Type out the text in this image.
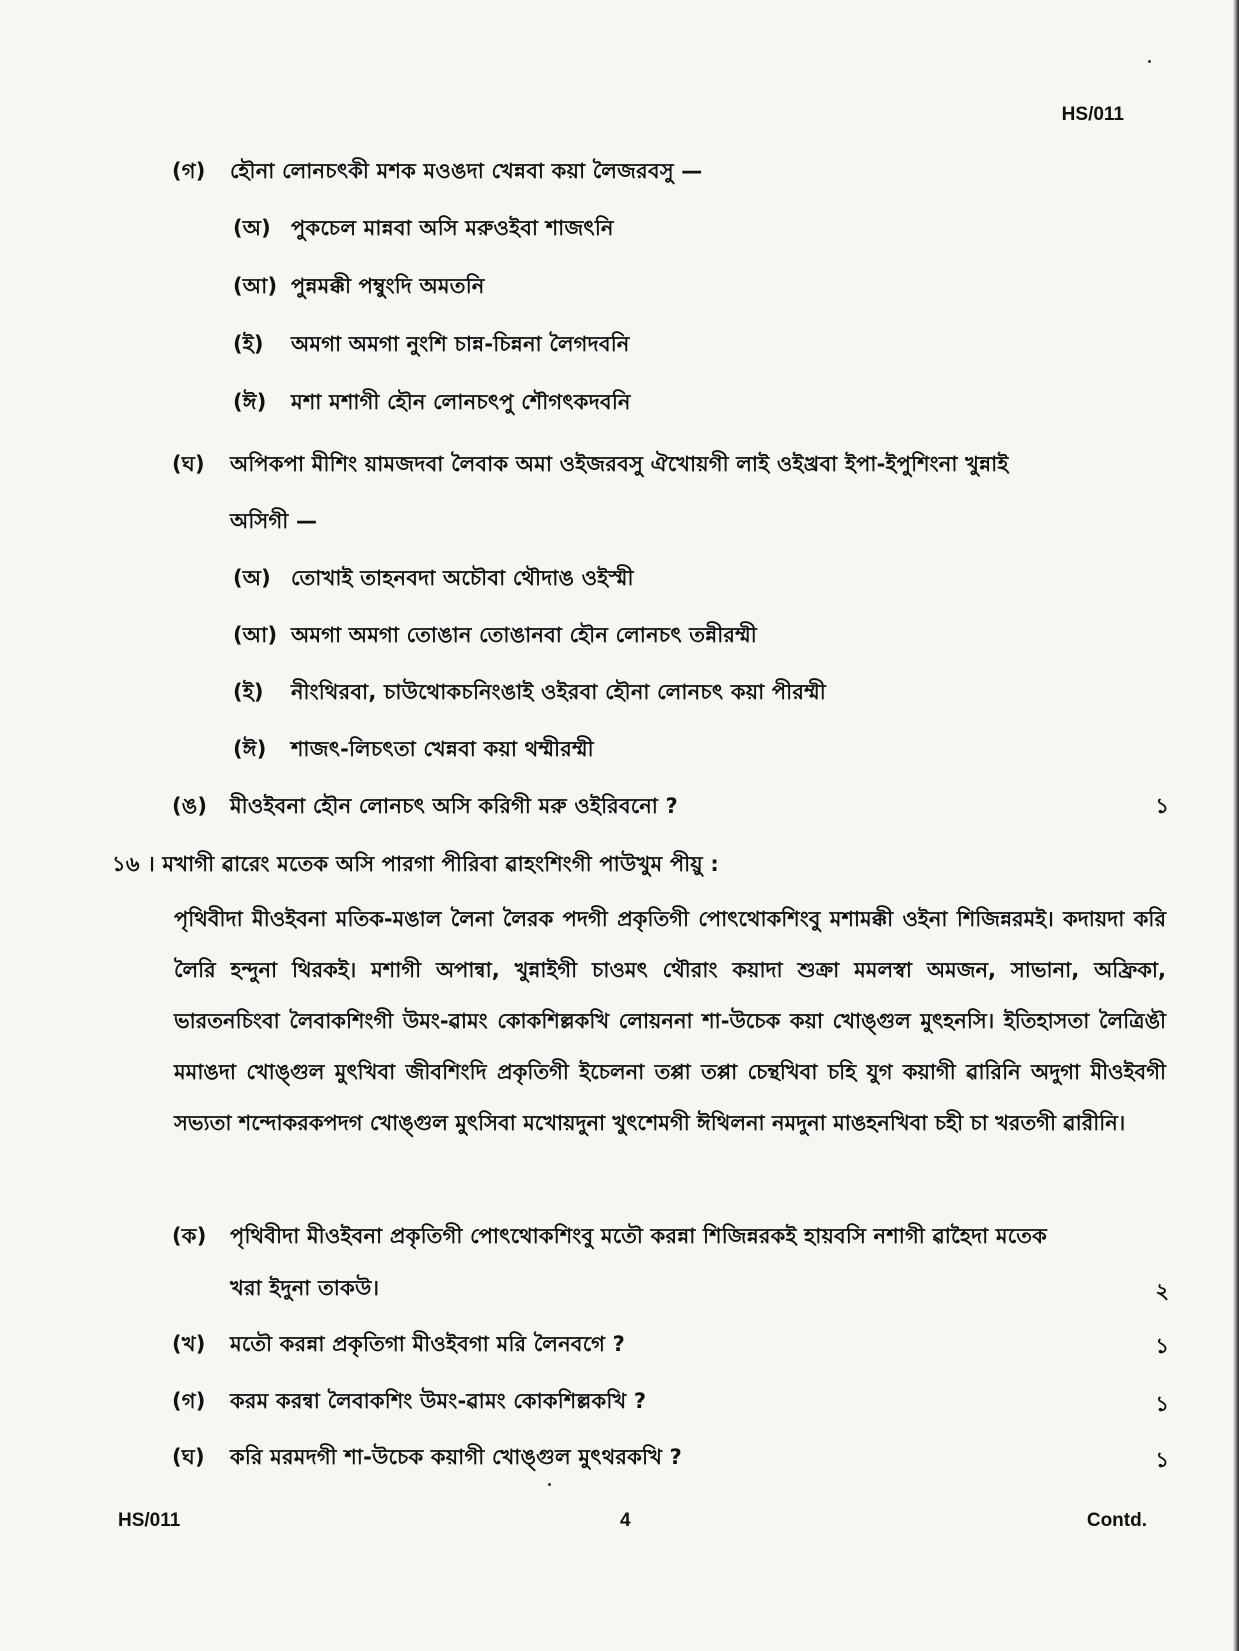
HS/011
(গ) হৌনা লোনচৎকী মশক মওঙদা খেন্নবা কয়া লৈজরবসু —
(অ) পুকচেল মান্নবা অসি মরুওইবা শাজৎনি
(আ) পুন্নমক্কী পম্বুংদি অমতনি
(ই) অমগা অমগা নুংশি চান্ন-চিন্ননা লৈগদবনি
(ঈ) মশা মশাগী হৌন লোনচৎপু শৌগৎকদবনি
(ঘ) অপিকপা মীশিং য়ামজদবা লৈবাক অমা ওইজরবসু ঐখোয়গী লাই ওইখ্রবা ইপা-ইপুশিংনা খুন্নাই
অসিগী —
(অ) তোখাই তাহনবদা অচৌবা থৌদাঙ ওইস্মী
(আ) অমগা অমগা তোঙান তোঙানবা হৌন লোনচৎ তন্নীরম্মী
(ই) নীংথিরবা, চাউথোকচনিংঙাই ওইরবা হৌনা লোনচৎ কয়া পীরম্মী
(ঈ) শাজৎ-লিচৎতা খেন্নবা কয়া থম্মীরম্মী
(ঙ) মীওইবনা হৌন লোনচৎ অসি করিগী মরু ওইরিবনো ?	১
১৬ । মখাগী ৱারেং মতেক অসি পারগা পীরিবা ৱাহংশিংগী পাউখুম পীয়ু :
পৃথিবীদা মীওইবনা মতিক-মঙাল লৈনা লৈরক পদগী প্রকৃতিগী পোৎথোকশিংবু মশামক্কী ওইনা শিজিন্নরমই। কদায়দা করি লৈরি হন্দুনা থিরকই। মশাগী অপান্বা, খুন্নাইগী চাওমৎ থৌরাং কয়াদা শুক্রা মমলস্বা অমজন, সাভানা, অফ্রিকা, ভারতনচিংবা লৈবাকশিংগী উমং-ৱামং কোকশিল্লকখি লোয়ননা শা-উচেক কয়া খোঙ্গুল মুৎহনসি। ইতিহাসতা লৈত্রিঙৗ মমাঙদা খোঙ্গুল মুৎখিবা জীবশিংদি প্রকৃতিগী ইচেলনা তপ্পা তপ্পা চেন্থখিবা চহি যুগ কয়াগী ৱারিনি অদুগা মীওইবগী সভ্যতা শন্দোকরকপদগ খোঙ্গুল মুৎসিবা মখোয়দুনা খুৎশেমগী ঈথিলনা নমদুনা মাঙহনখিবা চহী চা খরতগী ৱারীনি।
(ক) পৃথিবীদা মীওইবনা প্রকৃতিগী পোৎথোকশিংবু মতৌ করন্না শিজিন্নরকই হায়বসি নশাগী ৱাহৈদা মতেক
খরা ইদুনা তাকউ।	২
(খ) মতৌ করন্না প্রকৃতিগা মীওইবগা মরি লৈনবগে ?	১
(গ) করম করন্বা লৈবাকশিং উমং-ৱামং কোকশিল্লকখি ?	১
(ঘ) করি মরমদগী শা-উচেক কয়াগী খোঙ্গুল মুৎথরকখি ?	১
HS/011	4	Contd.
